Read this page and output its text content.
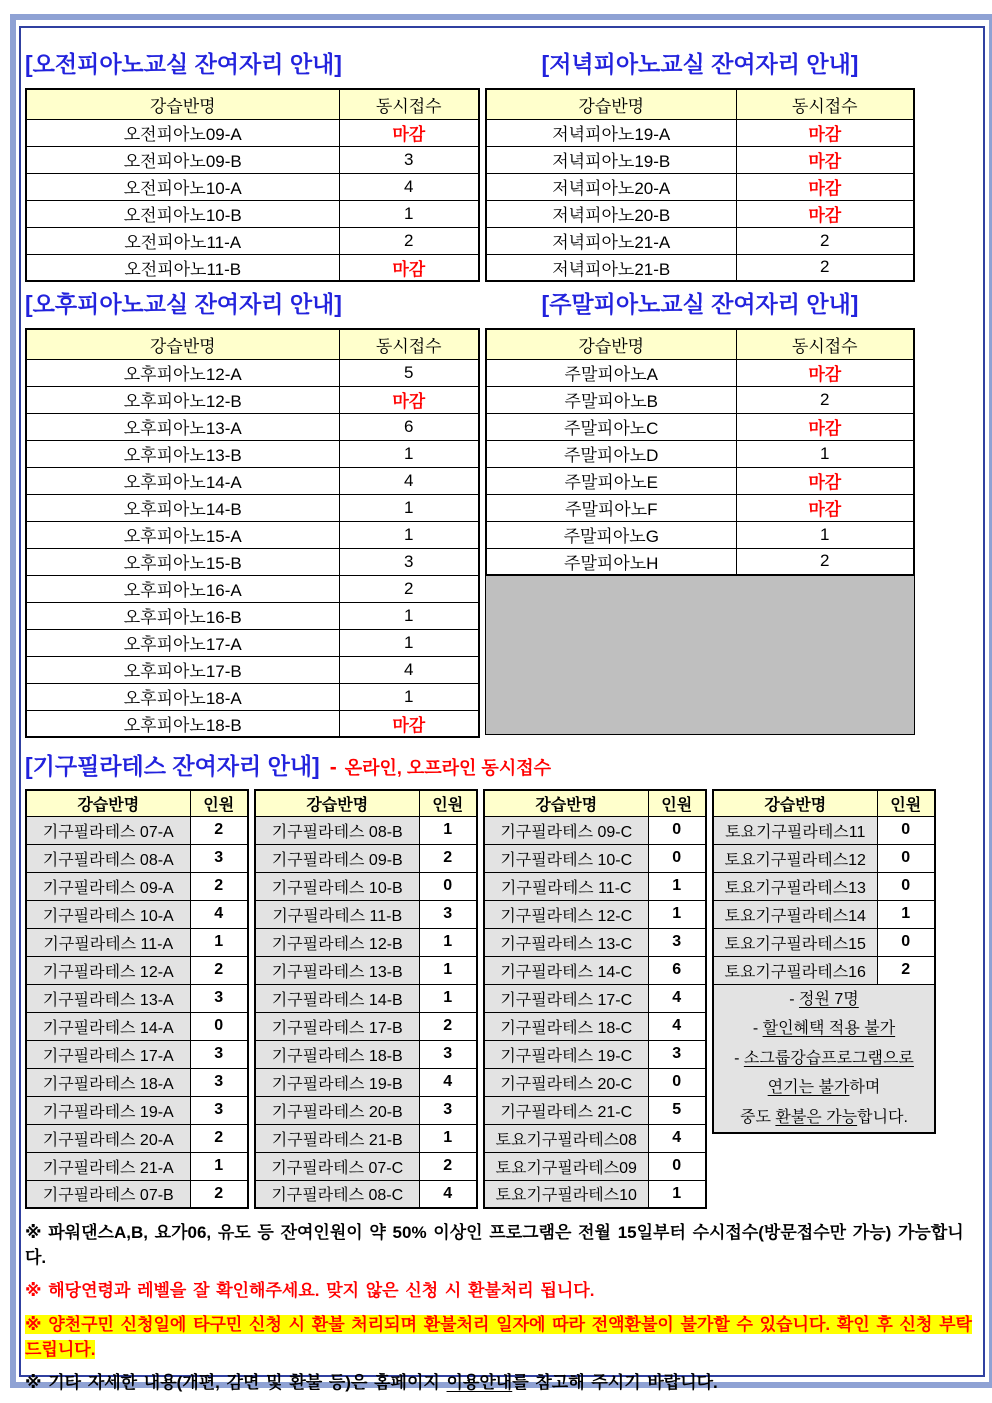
[오전피아노교실 잔여자리 안내]	[저녁피아노교실 잔여자리 안내]
강습반명	동시접수
오전피아노09-A	마감
오전피아노09-B	3
오전피아노10-A	4
오전피아노10-B	1
오전피아노11-A	2
오전피아노11-B	마감
강습반명	동시접수
저녁피아노19-A	마감
저녁피아노19-B	마감
저녁피아노20-A	마감
저녁피아노20-B	마감
저녁피아노21-A	2
저녁피아노21-B	2
[오후피아노교실 잔여자리 안내]	[주말피아노교실 잔여자리 안내]
강습반명	동시접수
오후피아노12-A	5
오후피아노12-B	마감
오후피아노13-A	6
오후피아노13-B	1
오후피아노14-A	4
오후피아노14-B	1
오후피아노15-A	1
오후피아노15-B	3
오후피아노16-A	2
오후피아노16-B	1
오후피아노17-A	1
오후피아노17-B	4
오후피아노18-A	1
오후피아노18-B	마감
강습반명	동시접수
주말피아노A	마감
주말피아노B	2
주말피아노C	마감
주말피아노D	1
주말피아노E	마감
주말피아노F	마감
주말피아노G	1
주말피아노H	2
[기구필라테스 잔여자리 안내] - 온라인, 오프라인 동시접수
강습반명	인원
기구필라테스 07-A	2
기구필라테스 08-A	3
기구필라테스 09-A	2
기구필라테스 10-A	4
기구필라테스 11-A	1
기구필라테스 12-A	2
기구필라테스 13-A	3
기구필라테스 14-A	0
기구필라테스 17-A	3
기구필라테스 18-A	3
기구필라테스 19-A	3
기구필라테스 20-A	2
기구필라테스 21-A	1
기구필라테스 07-B	2
강습반명	인원
기구필라테스 08-B	1
기구필라테스 09-B	2
기구필라테스 10-B	0
기구필라테스 11-B	3
기구필라테스 12-B	1
기구필라테스 13-B	1
기구필라테스 14-B	1
기구필라테스 17-B	2
기구필라테스 18-B	3
기구필라테스 19-B	4
기구필라테스 20-B	3
기구필라테스 21-B	1
기구필라테스 07-C	2
기구필라테스 08-C	4
강습반명	인원
기구필라테스 09-C	0
기구필라테스 10-C	0
기구필라테스 11-C	1
기구필라테스 12-C	1
기구필라테스 13-C	3
기구필라테스 14-C	6
기구필라테스 17-C	4
기구필라테스 18-C	4
기구필라테스 19-C	3
기구필라테스 20-C	0
기구필라테스 21-C	5
토요기구필라테스08	4
토요기구필라테스09	0
토요기구필라테스10	1
강습반명	인원
토요기구필라테스11	0
토요기구필라테스12	0
토요기구필라테스13	0
토요기구필라테스14	1
토요기구필라테스15	0
토요기구필라테스16	2

- 정원 7명
- 할인혜택 적용 불가
- 소그룹강습프로그램으로
연기는 불가하며
중도 환불은 가능합니다.	
※ 파워댄스A,B, 요가06, 유도 등 잔여인원이 약 50% 이상인 프로그램은 전월 15일부터 수시접수(방문접수만 가능) 가능합니다.
※ 해당연령과 레벨을 잘 확인해주세요. 맞지 않은 신청 시 환불처리 됩니다.
※ 양천구민 신청일에 타구민 신청 시 환불 처리되며 환불처리 일자에 따라 전액환불이 불가할 수 있습니다. 확인 후 신청 부탁드립니다.
※ 기타 자세한 내용(개편, 감면 및 환불 등)은 홈페이지 이용안내를 참고해 주시기 바랍니다.
